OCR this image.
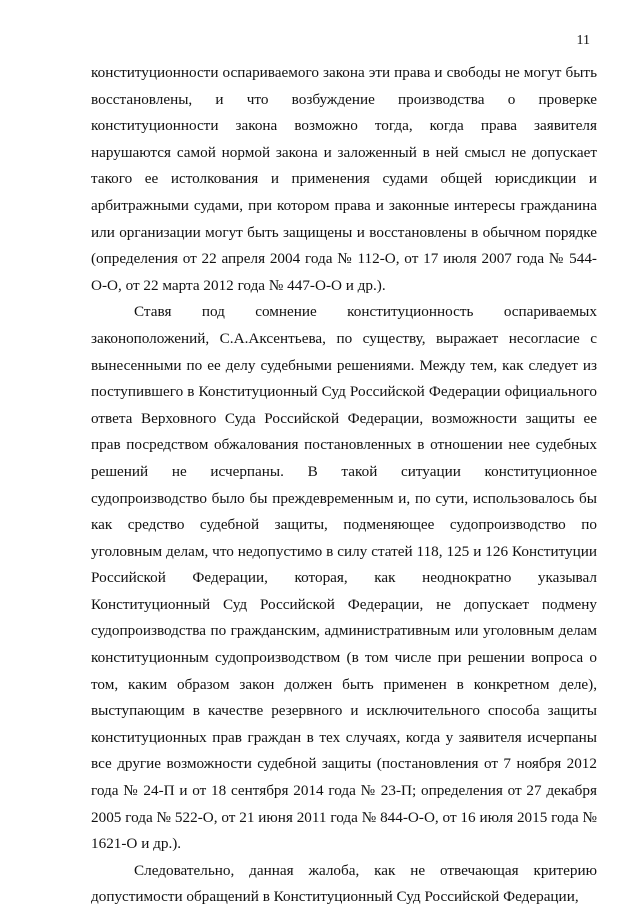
11

конституционности оспариваемого закона эти права и свободы не могут быть восстановлены, и что возбуждение производства о проверке конституционности закона возможно тогда, когда права заявителя нарушаются самой нормой закона и заложенный в ней смысл не допускает такого ее истолкования и применения судами общей юрисдикции и арбитражными судами, при котором права и законные интересы гражданина или организации могут быть защищены и восстановлены в обычном порядке (определения от 22 апреля 2004 года № 112-О, от 17 июля 2007 года № 544-О-О, от 22 марта 2012 года № 447-О-О и др.).

Ставя под сомнение конституционность оспариваемых законоположений, С.А.Аксентьева, по существу, выражает несогласие с вынесенными по ее делу судебными решениями. Между тем, как следует из поступившего в Конституционный Суд Российской Федерации официального ответа Верховного Суда Российской Федерации, возможности защиты ее прав посредством обжалования постановленных в отношении нее судебных решений не исчерпаны. В такой ситуации конституционное судопроизводство было бы преждевременным и, по сути, использовалось бы как средство судебной защиты, подменяющее судопроизводство по уголовным делам, что недопустимо в силу статей 118, 125 и 126 Конституции Российской Федерации, которая, как неоднократно указывал Конституционный Суд Российской Федерации, не допускает подмену судопроизводства по гражданским, административным или уголовным делам конституционным судопроизводством (в том числе при решении вопроса о том, каким образом закон должен быть применен в конкретном деле), выступающим в качестве резервного и исключительного способа защиты конституционных прав граждан в тех случаях, когда у заявителя исчерпаны все другие возможности судебной защиты (постановления от 7 ноября 2012 года № 24-П и от 18 сентября 2014 года № 23-П; определения от 27 декабря 2005 года № 522-О, от 21 июня 2011 года № 844-О-О, от 16 июля 2015 года № 1621-О и др.).

Следовательно, данная жалоба, как не отвечающая критерию допустимости обращений в Конституционный Суд Российской Федерации,
